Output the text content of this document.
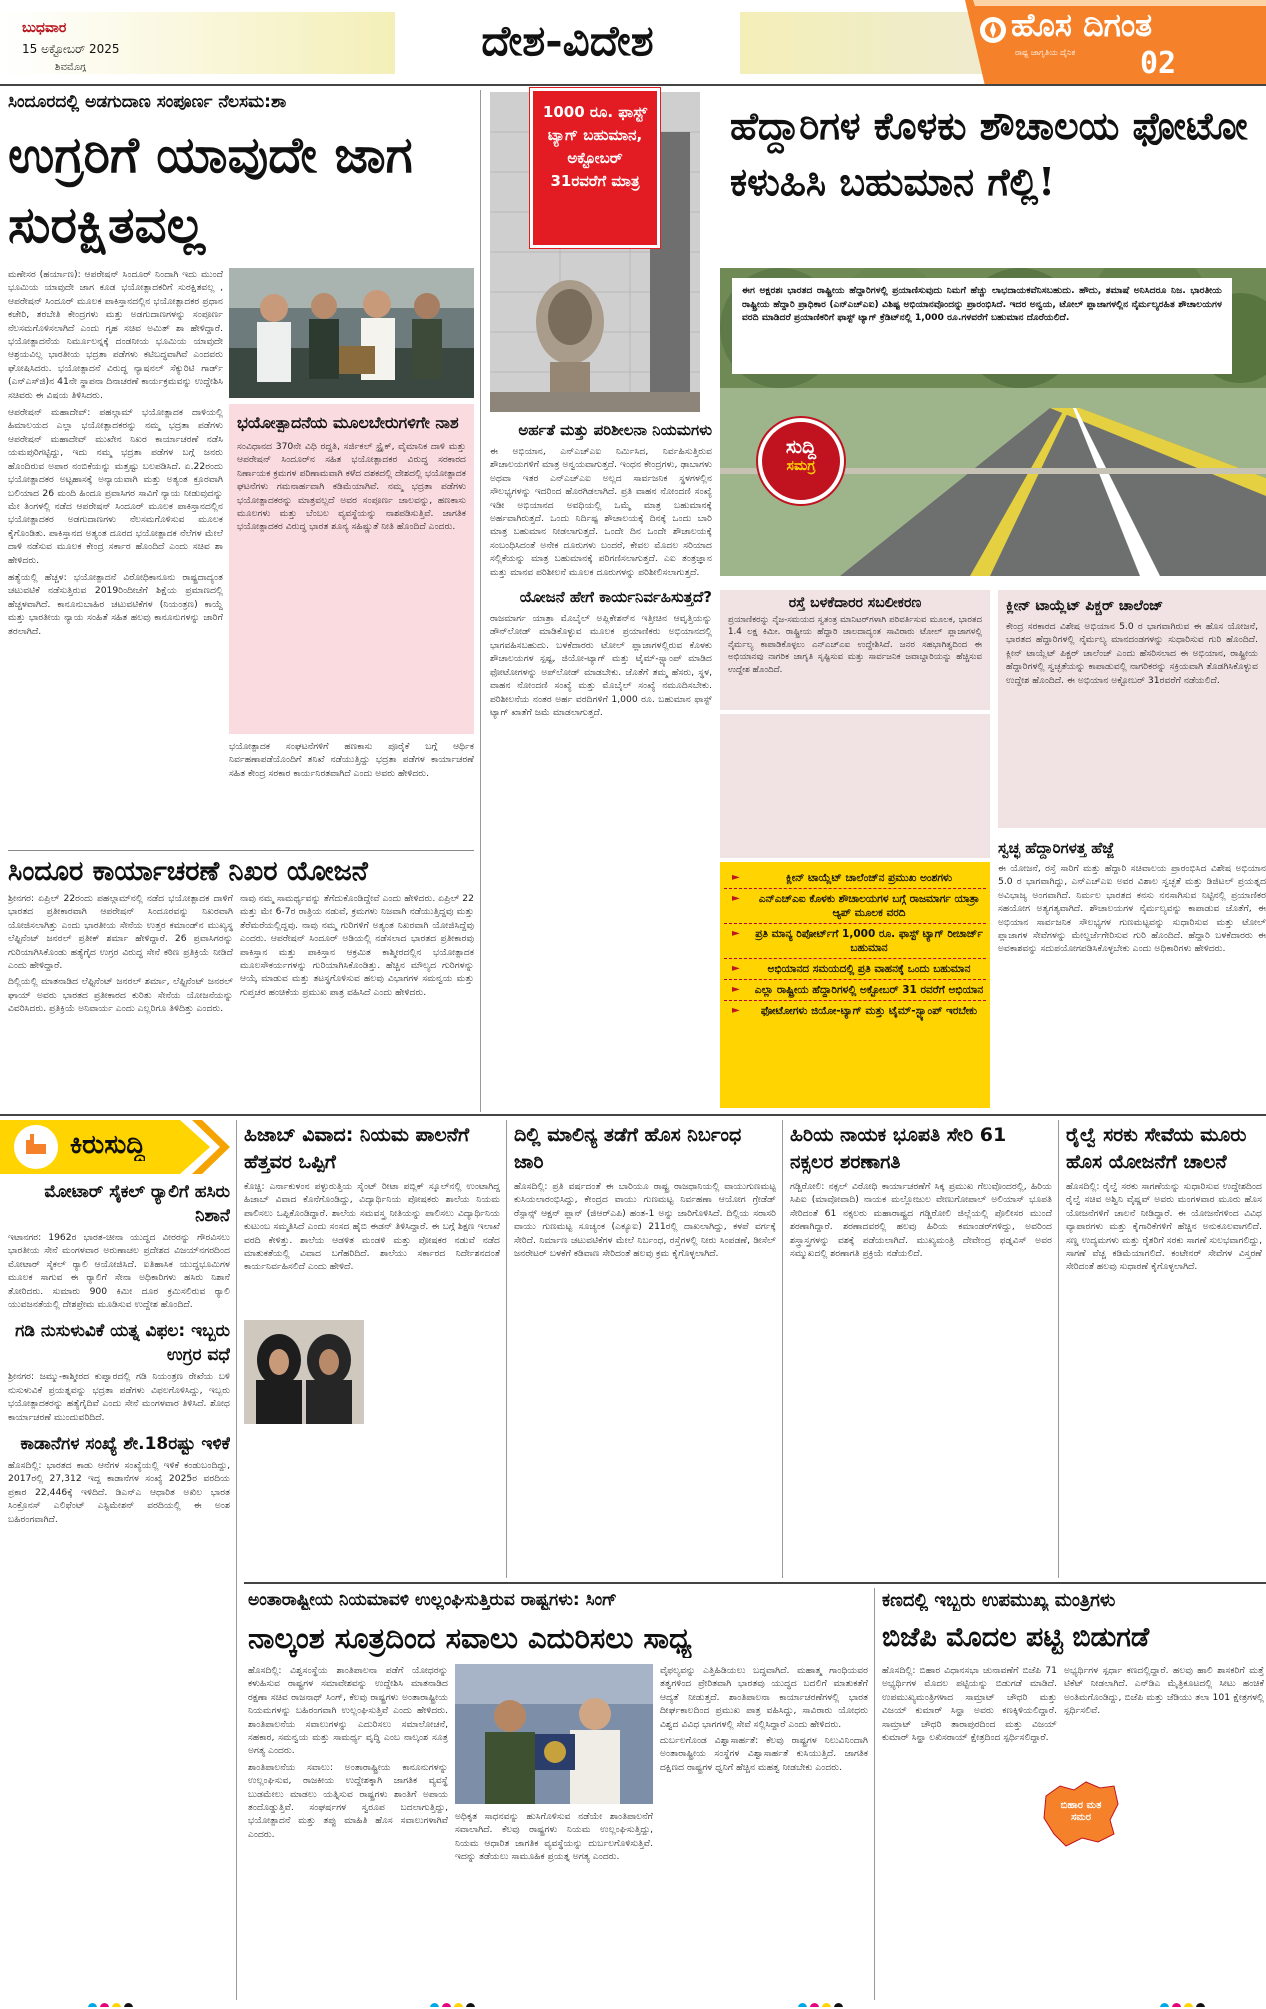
ಬುಧವಾರ
15 ಅಕ್ಟೋಬರ್ 2025
ಶಿವಮೊಗ್ಗ
ದೇಶ-ವಿದೇಶ	ಹೊಸ ದಿಗಂತ
ರಾಷ್ಟ್ರ ಜಾಗೃತಿಯ ದೈನಿಕ	02
ಸಿಂದೂರದಲ್ಲಿ ಅಡಗುದಾಣ ಸಂಪೂರ್ಣ ನೆಲಸಮ:ಶಾ
ಉಗ್ರರಿಗೆ ಯಾವುದೇ ಜಾಗ ಸುರಕ್ಷಿತವಲ್ಲ

ಮಣೇಸರ (ಹರ್ಯಾಣ): ಆಪರೇಷನ್ ಸಿಂದೂರ್ ನಿಂದಾಗಿ ಇದು ಮುಂದೆ ಭೂಮಿಯ ಯಾವುದೇ ಜಾಗ ಕೂಡ ಭಯೋತ್ಪಾದಕರಿಗೆ ಸುರಕ್ಷಿತವಲ್ಲ , ಆಪರೇಷನ್ ಸಿಂದೂರ್ ಮೂಲಕ ಪಾಕಿಸ್ತಾನದಲ್ಲಿನ ಭಯೋತ್ಪಾದಕರ ಪ್ರಧಾನ ಕಚೇರಿ, ತರಬೇತಿ ಕೇಂದ್ರಗಳು ಮತ್ತು ಅಡಗುದಾಣಗಳನ್ನು ಸಂಪೂರ್ಣ ನೆಲಸಮಗೊಳಿಸಲಾಗಿದೆ ಎಂದು ಗೃಹ ಸಚಿವ ಅಮಿತ್ ಶಾ ಹೇಳಿದ್ದಾರೆ. ಭಯೋತ್ಪಾದನೆಯ ನಿರ್ಮೂಲನ್ನಕ್ಕೆ ದಂಡನೀಯ ಭೂಮಿಯ ಯಾವುದೇ ಆಶ್ರಯವಿಲ್ಲ ಭಾರತೀಯ ಭದ್ರತಾ ಪಡೆಗಳು ಕಟಿಬದ್ಧವಾಗಿವೆ ಎಂದವರು ಘೋಷಿಸಿದರು. ಭಯೋತ್ಪಾದನೆ ವಿರುದ್ಧ ನ್ಯಾಷನಲ್ ಸೆಕ್ಯುರಿಟಿ ಗಾರ್ಡ್ (ಎನ್‌ಎಸ್‌ಜಿ)ನ 41ನೇ ಸ್ಥಾಪನಾ ದಿನಾಚರಣೆ ಕಾರ್ಯಕ್ರಮವನ್ನು ಉದ್ದೇಶಿಸಿ ಸಚಿವರು ಈ ವಿಷಯ ತಿಳಿಸಿದರು.

ಆಪರೇಷನ್ ಮಹಾದೇವ್: ಪಹಲ್ಗಾಮ್ ಭಯೋತ್ಪಾದಕ ದಾಳಿಯಲ್ಲಿ ಹಿಮಾಲಯದ ಎಲ್ಲಾ ಭಯೋತ್ಪಾದಕರನ್ನು ನಮ್ಮ ಭದ್ರತಾ ಪಡೆಗಳು ಆಪರೇಷನ್ ಮಹಾದೇವ್ ಮುಖೇನ ನಿಖರ ಕಾರ್ಯಾಚರಣೆ ನಡೆಸಿ ಯಮಪುರಿಗಟ್ಟಿದ್ದು, ಇದು ನಮ್ಮ ಭದ್ರತಾ ಪಡೆಗಳ ಬಗ್ಗೆ ಜನರು ಹೊಂದಿರುವ ಅಪಾರ ನಂಬಿಕೆಯನ್ನು ಮತ್ತಷ್ಟು ಬಲಪಡಿಸಿದೆ. ಏ.22ರಂದು ಭಯೋತ್ಪಾದಕರ ಅಟ್ಟಹಾಸಕ್ಕೆ ಅನ್ಯಾಯವಾಗಿ ಮತ್ತು ಅತ್ಯಂತ ಕ್ರೂರವಾಗಿ ಬಲಿಯಾದ 26 ಮಂದಿ ಹಿಂದೂ ಪ್ರವಾಸಿಗರ ಸಾವಿಗೆ ನ್ಯಾಯ ನೀಡುವುದನ್ನು ಮೇ ತಿಂಗಳಲ್ಲಿ ನಡೆದ ಆಪರೇಷನ್ ಸಿಂದೂರ್ ಮೂಲಕ ಪಾಕಿಸ್ತಾನದಲ್ಲಿನ ಭಯೋತ್ಪಾದಕರ ಅಡಗುದಾಣಗಳು ನೆಲಸಮಗೊಳಿಸುವ ಮೂಲಕ ಕೈಗೊಂಡಿತು. ಪಾಕಿಸ್ತಾನದ ಅತ್ಯಂತ ದೂರದ ಭಯೋತ್ಪಾದಕ ನೆಲೆಗಳ ಮೇಲೆ ದಾಳಿ ನಡೆಸುವ ಮೂಲಕ ಕೇಂದ್ರ ಸರ್ಕಾರ ಹೊಂದಿದೆ ಎಂದು ಸಚಿವ ಶಾ ಹೇಳಿದರು.

ಹತ್ಯೆಯಲ್ಲಿ ಹೆಚ್ಚಳ: ಭಯೋತ್ಪಾದನೆ ವಿರೋಧಿಕಾನೂನು ರಾಷ್ಟ್ರದಾದ್ಯಂತ ಚಟುವಟಿಕೆ ನಡೆಸುತ್ತಿರುವ 2019ರಿಂದೀಚೆಗೆ ಶಿಕ್ಷೆಯ ಪ್ರಮಾಣದಲ್ಲಿ ಹೆಚ್ಚಳವಾಗಿದೆ. ಕಾನೂನುಬಾಹಿರ ಚಟುವಟಿಕೆಗಳ (ನಿಯಂತ್ರಣ) ಕಾಯ್ದೆ ಮತ್ತು ಭಾರತೀಯ ನ್ಯಾಯ ಸಂಹಿತೆ ಸಹಿತ ಹಲವು ಕಾನೂನುಗಳನ್ನು ಜಾರಿಗೆ ತರಲಾಗಿದೆ.

ಭಯೋತ್ಪಾದನೆಯ ಮೂಲಬೇರುಗಳಿಗೇ ನಾಶ

ಸಂವಿಧಾನದ 370ನೇ ವಿಧಿ ರದ್ದತಿ, ಸರ್ಜಿಕಲ್ ಸ್ಟ್ರೈಕ್, ವೈಮಾನಿಕ ದಾಳಿ ಮತ್ತು ಆಪರೇಷನ್ ಸಿಂದೂರ್‌ನ ಸಹಿತ ಭಯೋತ್ಪಾದಕರ ವಿರುದ್ಧ ಸರಕಾರದ ನಿರ್ಣಾಯಕ ಕ್ರಮಗಳ ಪರಿಣಾಮವಾಗಿ ಕಳೆದ ದಶಕದಲ್ಲಿ ದೇಶದಲ್ಲಿ ಭಯೋತ್ಪಾದಕ ಘಟನೆಗಳು ಗಮನಾರ್ಹವಾಗಿ ಕಡಿಮೆಯಾಗಿವೆ. ನಮ್ಮ ಭದ್ರತಾ ಪಡೆಗಳು ಭಯೋತ್ಪಾದಕರನ್ನು ಮಾತ್ರವಲ್ಲದೆ ಅವರ ಸಂಪೂರ್ಣ ಜಾಲವನ್ನು, ಹಣಕಾಸು ಮೂಲಗಳು ಮತ್ತು ಬೆಂಬಲ ವ್ಯವಸ್ಥೆಯನ್ನು ನಾಶಪಡಿಸುತ್ತಿವೆ. ಜಾಗತಿಕ ಭಯೋತ್ಪಾದಕರ ವಿರುದ್ಧ ಭಾರತ ಶೂನ್ಯ ಸಹಿಷ್ಣುತೆ ನೀತಿ ಹೊಂದಿದೆ ಎಂದರು.

ಭಯೋತ್ಪಾದಕ ಸಂಘಟನೆಗಳಿಗೆ ಹಣಕಾಸು ಪೂರೈಕೆ ಬಗ್ಗೆ ಆರ್ಥಿಕ ನಿರ್ವಹಣಾಪಡೆಯೊಂದಿಗೆ ತನಿಖೆ ನಡೆಯುತ್ತಿದ್ದು ಭದ್ರತಾ ಪಡೆಗಳ ಕಾರ್ಯಾಚರಣೆ ಸಹಿತ ಕೇಂದ್ರ ಸರಕಾರ ಕಾರ್ಯನಿರತವಾಗಿದೆ ಎಂದು ಅವರು ಹೇಳಿದರು.

ಸಿಂದೂರ ಕಾರ್ಯಾಚರಣೆ ನಿಖರ ಯೋಜನೆ

ಶ್ರೀನಗರ: ಏಪ್ರಿಲ್ 22ರಂದು ಪಹಲ್ಗಾಮ್‌ನಲ್ಲಿ ನಡೆದ ಭಯೋತ್ಪಾದಕ ದಾಳಿಗೆ ಭಾರತದ ಪ್ರತೀಕಾರವಾಗಿ ಆಪರೇಷನ್ ಸಿಂದೂರವನ್ನು ನಿಖರವಾಗಿ ಯೋಜಿಸಲಾಗಿತ್ತು ಎಂದು ಭಾರತೀಯ ಸೇನೆಯ ಉತ್ತರ ಕಮಾಂಡ್‌ನ ಮುಖ್ಯಸ್ಥ ಲೆಫ್ಟಿನೆಂಟ್ ಜನರಲ್ ಪ್ರತೀಕ್ ಶರ್ಮಾ ಹೇಳಿದ್ದಾರೆ. 26 ಪ್ರವಾಸಿಗರನ್ನು ಗುರಿಯಾಗಿಸಿಕೊಂಡು ಹತ್ಯೆಗೈದ ಉಗ್ರರ ವಿರುದ್ಧ ಸೇನೆ ಕಠಿಣ ಪ್ರತಿಕ್ರಿಯೆ ನೀಡಿದೆ ಎಂದು ಹೇಳಿದ್ದಾರೆ.

ದಿಲ್ಲಿಯಲ್ಲಿ ಮಾತನಾಡಿದ ಲೆಫ್ಟಿನೆಂಟ್ ಜನರಲ್ ಶರ್ಮಾ, ಲೆಫ್ಟಿನೆಂಟ್ ಜನರಲ್ ಘಾಯ್ ಅವರು ಭಾರತದ ಪ್ರತೀಕಾರದ ಕುರಿತು ಸೇನೆಯ ಯೋಜನೆಯನ್ನು ವಿವರಿಸಿದರು. ಪ್ರತಿಕ್ರಿಯೆ ಅನಿವಾರ್ಯ ಎಂದು ಎಲ್ಲರಿಗೂ ತಿಳಿದಿತ್ತು ಎಂದರು.

ನಾವು ನಮ್ಮ ಸಾಮರ್ಥ್ಯವನ್ನು ತೆಗೆದುಕೊಂಡಿದ್ದೇವೆ ಎಂದು ಹೇಳಿದರು. ಏಪ್ರಿಲ್ 22 ಮತ್ತು ಮೇ 6-7ರ ರಾತ್ರಿಯ ನಡುವೆ, ಕ್ರಮಗಳು ನಿಜವಾಗಿ ನಡೆಯುತ್ತಿದ್ದವು ಮತ್ತು ತೆರೆಮರೆಯಲ್ಲಿದ್ದವು. ನಾವು ನಮ್ಮ ಗುರಿಗಳಿಗೆ ಅತ್ಯಂತ ನಿಖರವಾಗಿ ಯೋಜಿಸಿದ್ದೆವು ಎಂದರು. ಆಪರೇಷನ್ ಸಿಂದೂರ್ ಅಡಿಯಲ್ಲಿ ನಡೆಸಲಾದ ಭಾರತದ ಪ್ರತೀಕಾರವು ಪಾಕಿಸ್ತಾನ ಮತ್ತು ಪಾಕಿಸ್ತಾನ ಆಕ್ರಮಿತ ಕಾಶ್ಮೀರದಲ್ಲಿನ ಭಯೋತ್ಪಾದಕ ಮೂಲಸೌಕರ್ಯಗಳನ್ನು ಗುರಿಯಾಗಿಸಿಕೊಂಡಿತ್ತು. ಹೆಚ್ಚಿನ ಮೌಲ್ಯದ ಗುರಿಗಳನ್ನು ಆಯ್ಕೆ ಮಾಡುವ ಮತ್ತು ತಟಸ್ಥಗೊಳಿಸುವ ಹಲವು ವಿಭಾಗಗಳ ಸಮನ್ವಯ ಮತ್ತು ಗುಪ್ತಚರ ಹಂಚಿಕೆಯ ಪ್ರಮುಖ ಪಾತ್ರ ವಹಿಸಿದೆ ಎಂದು ಹೇಳಿದರು.

1000 ರೂ. ಫಾಸ್ಟ್ ಟ್ಯಾಗ್ ಬಹುಮಾನ, ಅಕ್ಟೋಬರ್ 31ರವರೆಗೆ ಮಾತ್ರ
ಹೆದ್ದಾರಿಗಳ ಕೊಳಕು ಶೌಚಾಲಯ ಫೋಟೋ ಕಳುಹಿಸಿ ಬಹುಮಾನ ಗೆಲ್ಲಿ!
ಈಗ ಅಕ್ಷರಶಃ ಭಾರತದ ರಾಷ್ಟ್ರೀಯ ಹೆದ್ದಾರಿಗಳಲ್ಲಿ ಪ್ರಯಾಣಿಸುವುದು ನಿಮಗೆ ಹೆಚ್ಚು ಲಾಭದಾಯಕವೆನಿಸಬಹುದು. ಹೌದು, ತಮಾಷೆ ಅನಿಸಿದರೂ ನಿಜ. ಭಾರತೀಯ ರಾಷ್ಟ್ರೀಯ ಹೆದ್ದಾರಿ ಪ್ರಾಧಿಕಾರ (ಎನ್‌ಎಚ್‌ಎಐ) ವಿಶಿಷ್ಟ ಅಭಿಯಾನವೊಂದನ್ನು ಪ್ರಾರಂಭಿಸಿದೆ. ಇದರ ಅನ್ವಯ, ಟೋಲ್ ಪ್ಲಾಜಾಗಳಲ್ಲಿನ ನೈರ್ಮಲ್ಯರಹಿತ ಶೌಚಾಲಯಗಳ ವರದಿ ಮಾಡಿದರೆ ಪ್ರಯಾಣಿಕರಿಗೆ ಫಾಸ್ಟ್ ಟ್ಯಾಗ್ ಕ್ರೆಡಿಟ್‌ನಲ್ಲಿ 1,000 ರೂ.ಗಳವರೆಗೆ ಬಹುಮಾನ ದೊರೆಯಲಿದೆ.
ಸುದ್ದಿ
ಸಮಗ್ರ
ಅರ್ಹತೆ ಮತ್ತು ಪರಿಶೀಲನಾ ನಿಯಮಗಳು

ಈ ಅಭಿಯಾನ, ಎನ್‌ಎಚ್‌ಎಐ ನಿರ್ಮಿಸಿದ, ನಿರ್ವಹಿಸುತ್ತಿರುವ ಶೌಚಾಲಯಗಳಿಗೆ ಮಾತ್ರ ಅನ್ವಯವಾಗುತ್ತದೆ. ಇಂಧನ ಕೇಂದ್ರಗಳು, ಢಾಬಾಗಳು ಅಥವಾ ಇತರ ಎನ್‌ಎಚ್‌ಎಐ ಅಲ್ಲದ ಸಾರ್ವಜನಿಕ ಸ್ಥಳಗಳಲ್ಲಿನ ಸೌಲಭ್ಯಗಳನ್ನು ಇದರಿಂದ ಹೊರಗಿಡಲಾಗಿದೆ. ಪ್ರತಿ ವಾಹನ ನೋಂದಣಿ ಸಂಖ್ಯೆ ಇಡೀ ಅಭಿಯಾನದ ಅವಧಿಯಲ್ಲಿ ಒಮ್ಮೆ ಮಾತ್ರ ಬಹುಮಾನಕ್ಕೆ ಅರ್ಹವಾಗಿರುತ್ತದೆ. ಒಂದು ನಿರ್ದಿಷ್ಟ ಶೌಚಾಲಯಕ್ಕೆ ದಿನಕ್ಕೆ ಒಂದು ಬಾರಿ ಮಾತ್ರ ಬಹುಮಾನ ನೀಡಲಾಗುತ್ತದೆ. ಒಂದೇ ದಿನ ಒಂದೇ ಶೌಚಾಲಯಕ್ಕೆ ಸಂಬಂಧಿಸಿದಂತೆ ಅನೇಕ ದೂರುಗಳು ಬಂದರೆ, ಕೇವಲ ಮೊದಲ ಸರಿಯಾದ ಸಲ್ಲಿಕೆಯನ್ನು ಮಾತ್ರ ಬಹುಮಾನಕ್ಕೆ ಪರಿಗಣಿಸಲಾಗುತ್ತದೆ. ಎಐ ತಂತ್ರಜ್ಞಾನ ಮತ್ತು ಮಾನವ ಪರಿಶೀಲನೆ ಮೂಲಕ ದೂರುಗಳನ್ನು ಪರಿಶೀಲಿಸಲಾಗುತ್ತದೆ.

ಯೋಜನೆ ಹೇಗೆ ಕಾರ್ಯನಿರ್ವಹಿಸುತ್ತದೆ?

ರಾಜಮಾರ್ಗ ಯಾತ್ರಾ ಮೊಬೈಲ್ ಅಪ್ಲಿಕೇಶನ್‌ನ ಇತ್ತೀಚಿನ ಆವೃತ್ತಿಯನ್ನು ಡೌನ್‌ಲೋಡ್ ಮಾಡಿಕೊಳ್ಳುವ ಮೂಲಕ ಪ್ರಯಾಣಿಕರು ಅಭಿಯಾನದಲ್ಲಿ ಭಾಗವಹಿಸಬಹುದು. ಬಳಕೆದಾರರು ಟೋಲ್ ಪ್ಲಾಜಾಗಳಲ್ಲಿರುವ ಕೊಳಕು ಶೌಚಾಲಯಗಳ ಸ್ಪಷ್ಟ, ಜಿಯೋ-ಟ್ಯಾಗ್ ಮತ್ತು ಟೈಮ್-ಸ್ಟ್ಯಾಂಪ್ ಮಾಡಿದ ಫೋಟೋಗಳನ್ನು ಅಪ್‌ಲೋಡ್ ಮಾಡಬೇಕು. ಜೊತೆಗೆ ತಮ್ಮ ಹೆಸರು, ಸ್ಥಳ, ವಾಹನ ನೋಂದಣಿ ಸಂಖ್ಯೆ ಮತ್ತು ಮೊಬೈಲ್ ಸಂಖ್ಯೆ ನಮೂದಿಸಬೇಕು. ಪರಿಶೀಲನೆಯ ನಂತರ ಅರ್ಹ ವರದಿಗಳಿಗೆ 1,000 ರೂ. ಬಹುಮಾನ ಫಾಸ್ಟ್ ಟ್ಯಾಗ್ ಖಾತೆಗೆ ಜಮೆ ಮಾಡಲಾಗುತ್ತದೆ.

ರಸ್ತೆ ಬಳಕೆದಾರರ ಸಬಲೀಕರಣ

ಪ್ರಯಾಣಿಕರನ್ನು ನೈಜ-ಸಮಯದ ಸ್ವತಂತ್ರ ಮಾನಿಟರ್‌ಗಳಾಗಿ ಪರಿವರ್ತಿಸುವ ಮೂಲಕ, ಭಾರತದ 1.4 ಲಕ್ಷ ಕಿಮೀ. ರಾಷ್ಟ್ರೀಯ ಹೆದ್ದಾರಿ ಜಾಲದಾದ್ಯಂತ ಸಾವಿರಾರು ಟೋಲ್ ಪ್ಲಾಜಾಗಳಲ್ಲಿ ನೈರ್ಮಲ್ಯ ಕಾಪಾಡಿಕೊಳ್ಳಲು ಎನ್‌ಎಚ್‌ಎಐ ಉದ್ದೇಶಿಸಿದೆ. ಜನರ ಸಹಭಾಗಿತ್ವದಿಂದ ಈ ಅಭಿಯಾನವು ನಾಗರಿಕ ಜಾಗೃತಿ ಸೃಷ್ಟಿಸುವ ಮತ್ತು ಸಾರ್ವಜನಿಕ ಜವಾಬ್ದಾರಿಯನ್ನು ಹೆಚ್ಚಿಸುವ ಉದ್ದೇಶ ಹೊಂದಿದೆ.

► ಕ್ಲೀನ್ ಟಾಯ್ಲೆಟ್ ಚಾಲೆಂಜ್‌ನ ಪ್ರಮುಖ ಅಂಶಗಳು
► ಎನ್‌ಎಚ್‌ಎಐ ಕೊಳಕು ಶೌಚಾಲಯಗಳ ಬಗ್ಗೆ ರಾಜಮಾರ್ಗ ಯಾತ್ರಾ ಆ್ಯಪ್ ಮೂಲಕ ವರದಿ
► ಪ್ರತಿ ಮಾನ್ಯ ರಿಪೋರ್ಟ್‌ಗೆ 1,000 ರೂ. ಫಾಸ್ಟ್ ಟ್ಯಾಗ್ ರೀಚಾರ್ಜ್ ಬಹುಮಾನ
► ಅಭಿಯಾನದ ಸಮಯದಲ್ಲಿ ಪ್ರತಿ ವಾಹನಕ್ಕೆ ಒಂದು ಬಹುಮಾನ
► ಎಲ್ಲಾ ರಾಷ್ಟ್ರೀಯ ಹೆದ್ದಾರಿಗಳಲ್ಲಿ ಅಕ್ಟೋಬರ್ 31 ರವರೆಗೆ ಅಭಿಯಾನ
► ಫೋಟೋಗಳು ಜಿಯೋ-ಟ್ಯಾಗ್ ಮತ್ತು ಟೈಮ್-ಸ್ಟ್ಯಾಂಪ್ ಇರಬೇಕು
ಕ್ಲೀನ್ ಟಾಯ್ಲೆಟ್ ಪಿಕ್ಚರ್ ಚಾಲೆಂಜ್

ಕೇಂದ್ರ ಸರಕಾರದ ವಿಶೇಷ ಅಭಿಯಾನ 5.0 ರ ಭಾಗವಾಗಿರುವ ಈ ಹೊಸ ಯೋಜನೆ, ಭಾರತದ ಹೆದ್ದಾರಿಗಳಲ್ಲಿ ನೈರ್ಮಲ್ಯ ಮಾನದಂಡಗಳನ್ನು ಸುಧಾರಿಸುವ ಗುರಿ ಹೊಂದಿದೆ. ಕ್ಲೀನ್ ಟಾಯ್ಲೆಟ್ ಪಿಕ್ಚರ್ ಚಾಲೆಂಜ್ ಎಂದು ಹೆಸರಿಸಲಾದ ಈ ಅಭಿಯಾನ, ರಾಷ್ಟ್ರೀಯ ಹೆದ್ದಾರಿಗಳಲ್ಲಿ ಸ್ವಚ್ಛತೆಯನ್ನು ಕಾಪಾಡುವಲ್ಲಿ ನಾಗರಿಕರನ್ನು ಸಕ್ರಿಯವಾಗಿ ತೊಡಗಿಸಿಕೊಳ್ಳುವ ಉದ್ದೇಶ ಹೊಂದಿದೆ. ಈ ಅಭಿಯಾನ ಅಕ್ಟೋಬರ್ 31ರವರೆಗೆ ನಡೆಯಲಿದೆ.

ಸ್ವಚ್ಛ ಹೆದ್ದಾರಿಗಳತ್ತ ಹೆಜ್ಜೆ

ಈ ಯೋಜನೆ, ರಸ್ತೆ ಸಾರಿಗೆ ಮತ್ತು ಹೆದ್ದಾರಿ ಸಚಿವಾಲಯ ಪ್ರಾರಂಭಿಸಿದ ವಿಶೇಷ ಅಭಿಯಾನ 5.0 ರ ಭಾಗವಾಗಿದ್ದು, ಎನ್‌ಎಚ್‌ಎಐ ಅವರ ವಿಶಾಲ ಸ್ವಚ್ಛತೆ ಮತ್ತು ಡಿಜಿಟಲ್ ಪ್ರಯತ್ನದ ಅವಿಭಾಜ್ಯ ಅಂಗವಾಗಿದೆ. ನಿರ್ಮಲ ಭಾರತದ ಕನಸು ನನಸಾಗಿಸುವ ನಿಟ್ಟಿನಲ್ಲಿ ಪ್ರಯಾಣಿಕರ ಸಹಯೋಗ ಅತ್ಯಗತ್ಯವಾಗಿದೆ. ಶೌಚಾಲಯಗಳ ನೈರ್ಮಲ್ಯವನ್ನು ಕಾಪಾಡುವ ಜೊತೆಗೆ, ಈ ಅಭಿಯಾನ ಸಾರ್ವಜನಿಕ ಸೌಲಭ್ಯಗಳ ಗುಣಮಟ್ಟವನ್ನು ಸುಧಾರಿಸುವ ಮತ್ತು ಟೋಲ್ ಪ್ಲಾಜಾಗಳ ಸೇವೆಗಳನ್ನು ಮೇಲ್ದರ್ಜೆಗೇರಿಸುವ ಗುರಿ ಹೊಂದಿದೆ. ಹೆದ್ದಾರಿ ಬಳಕೆದಾರರು ಈ ಅವಕಾಶವನ್ನು ಸದುಪಯೋಗಪಡಿಸಿಕೊಳ್ಳಬೇಕು ಎಂದು ಅಧಿಕಾರಿಗಳು ಹೇಳಿದರು.

ಕಿರುಸುದ್ದಿ
ಮೋಟಾರ್ ಸೈಕಲ್ ರ್‍ಯಾಲಿಗೆ ಹಸಿರು ನಿಶಾನೆ

ಇಟಾನಗರ: 1962ರ ಭಾರತ-ಚೀನಾ ಯುದ್ಧದ ವೀರರನ್ನು ಗೌರವಿಸಲು ಭಾರತೀಯ ಸೇನೆ ಮಂಗಳವಾರ ಅರುಣಾಚಲ ಪ್ರದೇಶದ ವಿಜಯ್‌ನಗರದಿಂದ ಮೋಟಾರ್ ಸೈಕಲ್ ರ್‍ಯಾಲಿ ಆಯೋಜಿಸಿದೆ. ಐತಿಹಾಸಿಕ ಯುದ್ಧಭೂಮಿಗಳ ಮೂಲಕ ಸಾಗುವ ಈ ರ್‍ಯಾಲಿಗೆ ಸೇನಾ ಅಧಿಕಾರಿಗಳು ಹಸಿರು ನಿಶಾನೆ ತೋರಿದರು. ಸುಮಾರು 900 ಕಿಮೀ ದೂರ ಕ್ರಮಿಸಲಿರುವ ರ್‍ಯಾಲಿ ಯುವಜನತೆಯಲ್ಲಿ ದೇಶಪ್ರೇಮ ಮೂಡಿಸುವ ಉದ್ದೇಶ ಹೊಂದಿದೆ.

ಗಡಿ ನುಸುಳುವಿಕೆ ಯತ್ನ ವಿಫಲ: ಇಬ್ಬರು ಉಗ್ರರ ವಧೆ

ಶ್ರೀನಗರ: ಜಮ್ಮು-ಕಾಶ್ಮೀರದ ಕುಪ್ವಾರದಲ್ಲಿ ಗಡಿ ನಿಯಂತ್ರಣ ರೇಖೆಯ ಬಳಿ ನುಸುಳುವಿಕೆ ಪ್ರಯತ್ನವನ್ನು ಭದ್ರತಾ ಪಡೆಗಳು ವಿಫಲಗೊಳಿಸಿದ್ದು, ಇಬ್ಬರು ಭಯೋತ್ಪಾದಕರನ್ನು ಹತ್ಯೆಗೈದಿವೆ ಎಂದು ಸೇನೆ ಮಂಗಳವಾರ ತಿಳಿಸಿದೆ. ಶೋಧ ಕಾರ್ಯಾಚರಣೆ ಮುಂದುವರಿದಿದೆ.

ಕಾಡಾನೆಗಳ ಸಂಖ್ಯೆ ಶೇ.18ರಷ್ಟು ಇಳಿಕೆ

ಹೊಸದಿಲ್ಲಿ: ಭಾರತದ ಕಾಡು ಆನೆಗಳ ಸಂಖ್ಯೆಯಲ್ಲಿ ಇಳಿಕೆ ಕಂಡುಬಂದಿದ್ದು, 2017ರಲ್ಲಿ 27,312 ಇದ್ದ ಕಾಡಾನೆಗಳ ಸಂಖ್ಯೆ 2025ರ ವರದಿಯ ಪ್ರಕಾರ 22,446ಕ್ಕೆ ಇಳಿದಿದೆ. ಡಿಎನ್‌ಎ ಆಧಾರಿತ ಅಖಿಲ ಭಾರತ ಸಿಂಕ್ರೊನಸ್ ಎಲಿಫೆಂಟ್ ಎಸ್ಟಿಮೇಶನ್ ವರದಿಯಲ್ಲಿ ಈ ಅಂಶ ಬಹಿರಂಗವಾಗಿದೆ.

ಹಿಜಾಬ್ ವಿವಾದ: ನಿಯಮ ಪಾಲನೆಗೆ ಹೆತ್ತವರ ಒಪ್ಪಿಗೆ

ಕೊಚ್ಚಿ: ಎರ್ನಾಕುಳಂನ ಪಳ್ಳುರುತ್ತಿಯ ಸೈಂಟ್ ರೀಟಾ ಪಬ್ಲಿಕ್ ಸ್ಕೂಲ್‌ನಲ್ಲಿ ಉಂಟಾಗಿದ್ದ ಹಿಜಾಬ್ ವಿವಾದ ಕೊನೆಗೊಂಡಿದ್ದು, ವಿದ್ಯಾರ್ಥಿನಿಯ ಪೋಷಕರು ಶಾಲೆಯ ನಿಯಮ ಪಾಲಿಸಲು ಒಪ್ಪಿಕೊಂಡಿದ್ದಾರೆ. ಶಾಲೆಯ ಸಮವಸ್ತ್ರ ನೀತಿಯನ್ನು ಪಾಲಿಸಲು ವಿದ್ಯಾರ್ಥಿನಿಯ ಕುಟುಂಬ ಸಮ್ಮತಿಸಿದೆ ಎಂದು ಸಂಸದ ಹೈಬಿ ಈಡನ್ ತಿಳಿಸಿದ್ದಾರೆ. ಈ ಬಗ್ಗೆ ಶಿಕ್ಷಣ ಇಲಾಖೆ ವರದಿ ಕೇಳಿತ್ತು. ಶಾಲೆಯ ಆಡಳಿತ ಮಂಡಳಿ ಮತ್ತು ಪೋಷಕರ ನಡುವೆ ನಡೆದ ಮಾತುಕತೆಯಲ್ಲಿ ವಿವಾದ ಬಗೆಹರಿದಿದೆ. ಶಾಲೆಯು ಸರ್ಕಾರದ ನಿರ್ದೇಶನದಂತೆ ಕಾರ್ಯನಿರ್ವಹಿಸಲಿದೆ ಎಂದು ಹೇಳಿದೆ.

ದಿಲ್ಲಿ ಮಾಲಿನ್ಯ ತಡೆಗೆ ಹೊಸ ನಿರ್ಬಂಧ ಜಾರಿ

ಹೊಸದಿಲ್ಲಿ: ಪ್ರತಿ ವರ್ಷದಂತೆ ಈ ಬಾರಿಯೂ ರಾಷ್ಟ್ರ ರಾಜಧಾನಿಯಲ್ಲಿ ವಾಯುಗುಣಮಟ್ಟ ಕುಸಿಯಲಾರಂಭಿಸಿದ್ದು, ಕೇಂದ್ರದ ವಾಯು ಗುಣಮಟ್ಟ ನಿರ್ವಹಣಾ ಆಯೋಗ ಗ್ರೇಡೆಡ್ ರೆಸ್ಪಾನ್ಸ್ ಆಕ್ಷನ್ ಪ್ಲಾನ್ (ಜಿಆರ್‌ಎಪಿ) ಹಂತ-1 ಅನ್ನು ಜಾರಿಗೊಳಿಸಿದೆ. ದಿಲ್ಲಿಯ ಸರಾಸರಿ ವಾಯು ಗುಣಮಟ್ಟ ಸೂಚ್ಯಂಕ (ಎಕ್ಯೂಐ) 211ರಲ್ಲಿ ದಾಖಲಾಗಿದ್ದು, ಕಳಪೆ ವರ್ಗಕ್ಕೆ ಸೇರಿದೆ. ನಿರ್ಮಾಣ ಚಟುವಟಿಕೆಗಳ ಮೇಲೆ ನಿರ್ಬಂಧ, ರಸ್ತೆಗಳಲ್ಲಿ ನೀರು ಸಿಂಪಡಣೆ, ಡೀಸೆಲ್ ಜನರೇಟರ್ ಬಳಕೆಗೆ ಕಡಿವಾಣ ಸೇರಿದಂತೆ ಹಲವು ಕ್ರಮ ಕೈಗೊಳ್ಳಲಾಗಿದೆ.

ಹಿರಿಯ ನಾಯಕ ಭೂಪತಿ ಸೇರಿ 61 ನಕ್ಸಲರ ಶರಣಾಗತಿ

ಗಡ್ಚಿರೋಲಿ: ನಕ್ಸಲ್ ವಿರೋಧಿ ಕಾರ್ಯಾಚರಣೆಗೆ ಸಿಕ್ಕ ಪ್ರಮುಖ ಗೆಲುವೊಂದರಲ್ಲಿ, ಹಿರಿಯ ಸಿಪಿಐ (ಮಾವೋವಾದಿ) ನಾಯಕ ಮಲ್ಲೋಜುಲ ವೇಣುಗೋಪಾಲ್ ಅಲಿಯಾಸ್ ಭೂಪತಿ ಸೇರಿದಂತೆ 61 ನಕ್ಸಲರು ಮಹಾರಾಷ್ಟ್ರದ ಗಡ್ಚಿರೋಲಿ ಜಿಲ್ಲೆಯಲ್ಲಿ ಪೊಲೀಸರ ಮುಂದೆ ಶರಣಾಗಿದ್ದಾರೆ. ಶರಣಾದವರಲ್ಲಿ ಹಲವು ಹಿರಿಯ ಕಮಾಂಡರ್‌ಗಳಿದ್ದು, ಅವರಿಂದ ಶಸ್ತ್ರಾಸ್ತ್ರಗಳನ್ನು ವಶಕ್ಕೆ ಪಡೆಯಲಾಗಿದೆ. ಮುಖ್ಯಮಂತ್ರಿ ದೇವೇಂದ್ರ ಫಡ್ನವಿಸ್ ಅವರ ಸಮ್ಮುಖದಲ್ಲಿ ಶರಣಾಗತಿ ಪ್ರಕ್ರಿಯೆ ನಡೆಯಲಿದೆ.

ರೈಲ್ವೆ ಸರಕು ಸೇವೆಯ ಮೂರು ಹೊಸ ಯೋಜನೆಗೆ ಚಾಲನೆ

ಹೊಸದಿಲ್ಲಿ: ರೈಲ್ವೆ ಸರಕು ಸಾಗಣೆಯನ್ನು ಸುಧಾರಿಸುವ ಉದ್ದೇಶದಿಂದ ರೈಲ್ವೆ ಸಚಿವ ಅಶ್ವಿನಿ ವೈಷ್ಣವ್ ಅವರು ಮಂಗಳವಾರ ಮೂರು ಹೊಸ ಯೋಜನೆಗಳಿಗೆ ಚಾಲನೆ ನೀಡಿದ್ದಾರೆ. ಈ ಯೋಜನೆಗಳಿಂದ ವಿವಿಧ ವ್ಯಾಪಾರಗಳು ಮತ್ತು ಕೈಗಾರಿಕೆಗಳಿಗೆ ಹೆಚ್ಚಿನ ಅನುಕೂಲವಾಗಲಿದೆ. ಸಣ್ಣ ಉದ್ಯಮಗಳು ಮತ್ತು ರೈತರಿಗೆ ಸರಕು ಸಾಗಣೆ ಸುಲಭವಾಗಲಿದ್ದು, ಸಾಗಣೆ ವೆಚ್ಚ ಕಡಿಮೆಯಾಗಲಿದೆ. ಕಂಟೇನರ್ ಸೇವೆಗಳ ವಿಸ್ತರಣೆ ಸೇರಿದಂತೆ ಹಲವು ಸುಧಾರಣೆ ಕೈಗೊಳ್ಳಲಾಗಿದೆ.

ಅಂತಾರಾಷ್ಟ್ರೀಯ ನಿಯಮಾವಳಿ ಉಲ್ಲಂಘಿಸುತ್ತಿರುವ ರಾಷ್ಟ್ರಗಳು: ಸಿಂಗ್
ನಾಲ್ಕಂಶ ಸೂತ್ರದಿಂದ ಸವಾಲು ಎದುರಿಸಲು ಸಾಧ್ಯ

ಹೊಸದಿಲ್ಲಿ: ವಿಶ್ವಸಂಸ್ಥೆಯ ಶಾಂತಿಪಾಲನಾ ಪಡೆಗೆ ಯೋಧರನ್ನು ಕಳುಹಿಸುವ ರಾಷ್ಟ್ರಗಳ ಸಮಾವೇಶವನ್ನು ಉದ್ದೇಶಿಸಿ ಮಾತನಾಡಿದ ರಕ್ಷಣಾ ಸಚಿವ ರಾಜನಾಥ್ ಸಿಂಗ್, ಕೆಲವು ರಾಷ್ಟ್ರಗಳು ಅಂತಾರಾಷ್ಟ್ರೀಯ ನಿಯಮಗಳನ್ನು ಬಹಿರಂಗವಾಗಿ ಉಲ್ಲಂಘಿಸುತ್ತಿವೆ ಎಂದು ಹೇಳಿದರು. ಶಾಂತಿಪಾಲನೆಯ ಸವಾಲುಗಳನ್ನು ಎದುರಿಸಲು ಸಮಾಲೋಚನೆ, ಸಹಕಾರ, ಸಮನ್ವಯ ಮತ್ತು ಸಾಮರ್ಥ್ಯ ವೃದ್ಧಿ ಎಂಬ ನಾಲ್ಕಂಶ ಸೂತ್ರ ಅಗತ್ಯ ಎಂದರು.

ಶಾಂತಿಪಾಲನೆಯ ಸವಾಲು: ಅಂತಾರಾಷ್ಟ್ರೀಯ ಕಾನೂನುಗಳನ್ನು ಉಲ್ಲಂಘಿಸುವ, ರಾಜಕೀಯ ಉದ್ದೇಶಕ್ಕಾಗಿ ಜಾಗತಿಕ ವ್ಯವಸ್ಥೆ ಬುಡಮೇಲು ಮಾಡಲು ಯತ್ನಿಸುವ ರಾಷ್ಟ್ರಗಳು ಶಾಂತಿಗೆ ಅಪಾಯ ತಂದೊಡ್ಡುತ್ತಿವೆ. ಸಂಘರ್ಷಗಳ ಸ್ವರೂಪ ಬದಲಾಗುತ್ತಿದ್ದು, ಭಯೋತ್ಪಾದನೆ ಮತ್ತು ತಪ್ಪು ಮಾಹಿತಿ ಹೊಸ ಸವಾಲುಗಳಾಗಿವೆ ಎಂದರು.

ಅಧಿಕೃತ ಸಾಧನವನ್ನು ಹುಸಿಗೊಳಿಸುವ ನಡೆಯೇ ಶಾಂತಿಪಾಲನೆಗೆ ಸವಾಲಾಗಿದೆ. ಕೆಲವು ರಾಷ್ಟ್ರಗಳು ನಿಯಮ ಉಲ್ಲಂಘಿಸುತ್ತಿದ್ದು, ನಿಯಮ ಆಧಾರಿತ ಜಾಗತಿಕ ವ್ಯವಸ್ಥೆಯನ್ನು ದುರ್ಬಲಗೊಳಿಸುತ್ತಿವೆ. ಇದನ್ನು ತಡೆಯಲು ಸಾಮೂಹಿಕ ಪ್ರಯತ್ನ ಅಗತ್ಯ ಎಂದರು.

ವೈಫಲ್ಯವನ್ನು ಎತ್ತಿಹಿಡಿಯಲು ಬದ್ಧವಾಗಿದೆ. ಮಹಾತ್ಮ ಗಾಂಧಿಯವರ ತತ್ವಗಳಿಂದ ಪ್ರೇರಿತವಾಗಿ ಭಾರತವು ಯುದ್ಧದ ಬದಲಿಗೆ ಮಾತುಕತೆಗೆ ಆದ್ಯತೆ ನೀಡುತ್ತದೆ. ಶಾಂತಿಪಾಲನಾ ಕಾರ್ಯಾಚರಣೆಗಳಲ್ಲಿ ಭಾರತ ದೀರ್ಘಕಾಲದಿಂದ ಪ್ರಮುಖ ಪಾತ್ರ ವಹಿಸಿದ್ದು, ಸಾವಿರಾರು ಯೋಧರು ವಿಶ್ವದ ವಿವಿಧ ಭಾಗಗಳಲ್ಲಿ ಸೇವೆ ಸಲ್ಲಿಸಿದ್ದಾರೆ ಎಂದು ಹೇಳಿದರು.

ದುರ್ಬಲಗೊಂಡ ವಿಶ್ವಾಸಾರ್ಹತೆ: ಕೆಲವು ರಾಷ್ಟ್ರಗಳ ನಿಲುವಿನಿಂದಾಗಿ ಅಂತಾರಾಷ್ಟ್ರೀಯ ಸಂಸ್ಥೆಗಳ ವಿಶ್ವಾಸಾರ್ಹತೆ ಕುಸಿಯುತ್ತಿದೆ. ಜಾಗತಿಕ ದಕ್ಷಿಣದ ರಾಷ್ಟ್ರಗಳ ಧ್ವನಿಗೆ ಹೆಚ್ಚಿನ ಮಹತ್ವ ನೀಡಬೇಕು ಎಂದರು.

ಕಣದಲ್ಲಿ ಇಬ್ಬರು ಉಪಮುಖ್ಯ ಮಂತ್ರಿಗಳು
ಬಿಜೆಪಿ ಮೊದಲ ಪಟ್ಟಿ ಬಿಡುಗಡೆ

ಹೊಸದಿಲ್ಲಿ: ಬಿಹಾರ ವಿಧಾನಸಭಾ ಚುನಾವಣೆಗೆ ಬಿಜೆಪಿ 71 ಅಭ್ಯರ್ಥಿಗಳ ಮೊದಲ ಪಟ್ಟಿಯನ್ನು ಬಿಡುಗಡೆ ಮಾಡಿದೆ. ಉಪಮುಖ್ಯಮಂತ್ರಿಗಳಾದ ಸಾಮ್ರಾಟ್ ಚೌಧರಿ ಮತ್ತು ವಿಜಯ್ ಕುಮಾರ್ ಸಿನ್ಹಾ ಅವರು ಕಣಕ್ಕಿಳಿಯಲಿದ್ದಾರೆ. ಸಾಮ್ರಾಟ್ ಚೌಧರಿ ತಾರಾಪುರದಿಂದ ಮತ್ತು ವಿಜಯ್ ಕುಮಾರ್ ಸಿನ್ಹಾ ಲಖಿಸರಾಯ್ ಕ್ಷೇತ್ರದಿಂದ ಸ್ಪರ್ಧಿಸಲಿದ್ದಾರೆ.

ಅಭ್ಯರ್ಥಿಗಳ ಸ್ಪರ್ಧಾ ಕಣದಲ್ಲಿದ್ದಾರೆ. ಹಲವು ಹಾಲಿ ಶಾಸಕರಿಗೆ ಮತ್ತೆ ಟಿಕೆಟ್ ನೀಡಲಾಗಿದೆ. ಎನ್‌ಡಿಎ ಮೈತ್ರಿಕೂಟದಲ್ಲಿ ಸೀಟು ಹಂಚಿಕೆ ಅಂತಿಮಗೊಂಡಿದ್ದು, ಬಿಜೆಪಿ ಮತ್ತು ಜೆಡಿಯು ತಲಾ 101 ಕ್ಷೇತ್ರಗಳಲ್ಲಿ ಸ್ಪರ್ಧಿಸಲಿವೆ.

ಬಿಹಾರ ಮತ ಸಮರ
